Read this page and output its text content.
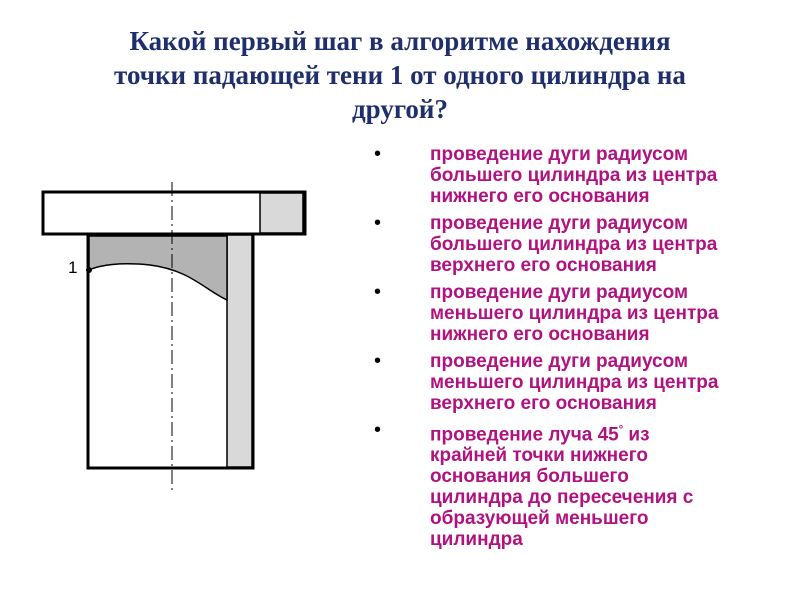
Какой первый шаг в алгоритме нахождения
точки падающей тени 1 от одного цилиндра на
другой?
1
•	проведение дуги радиусом
большего цилиндра из центра
нижнего его основания
•	проведение дуги радиусом
большего цилиндра из центра
верхнего его основания
•	проведение дуги радиусом
меньшего цилиндра из центра
нижнего его основания
•	проведение дуги радиусом
меньшего цилиндра из центра
верхнего его основания
•	проведение луча 45° из
крайней точки нижнего
основания большего
цилиндра до пересечения с
образующей меньшего
цилиндра
